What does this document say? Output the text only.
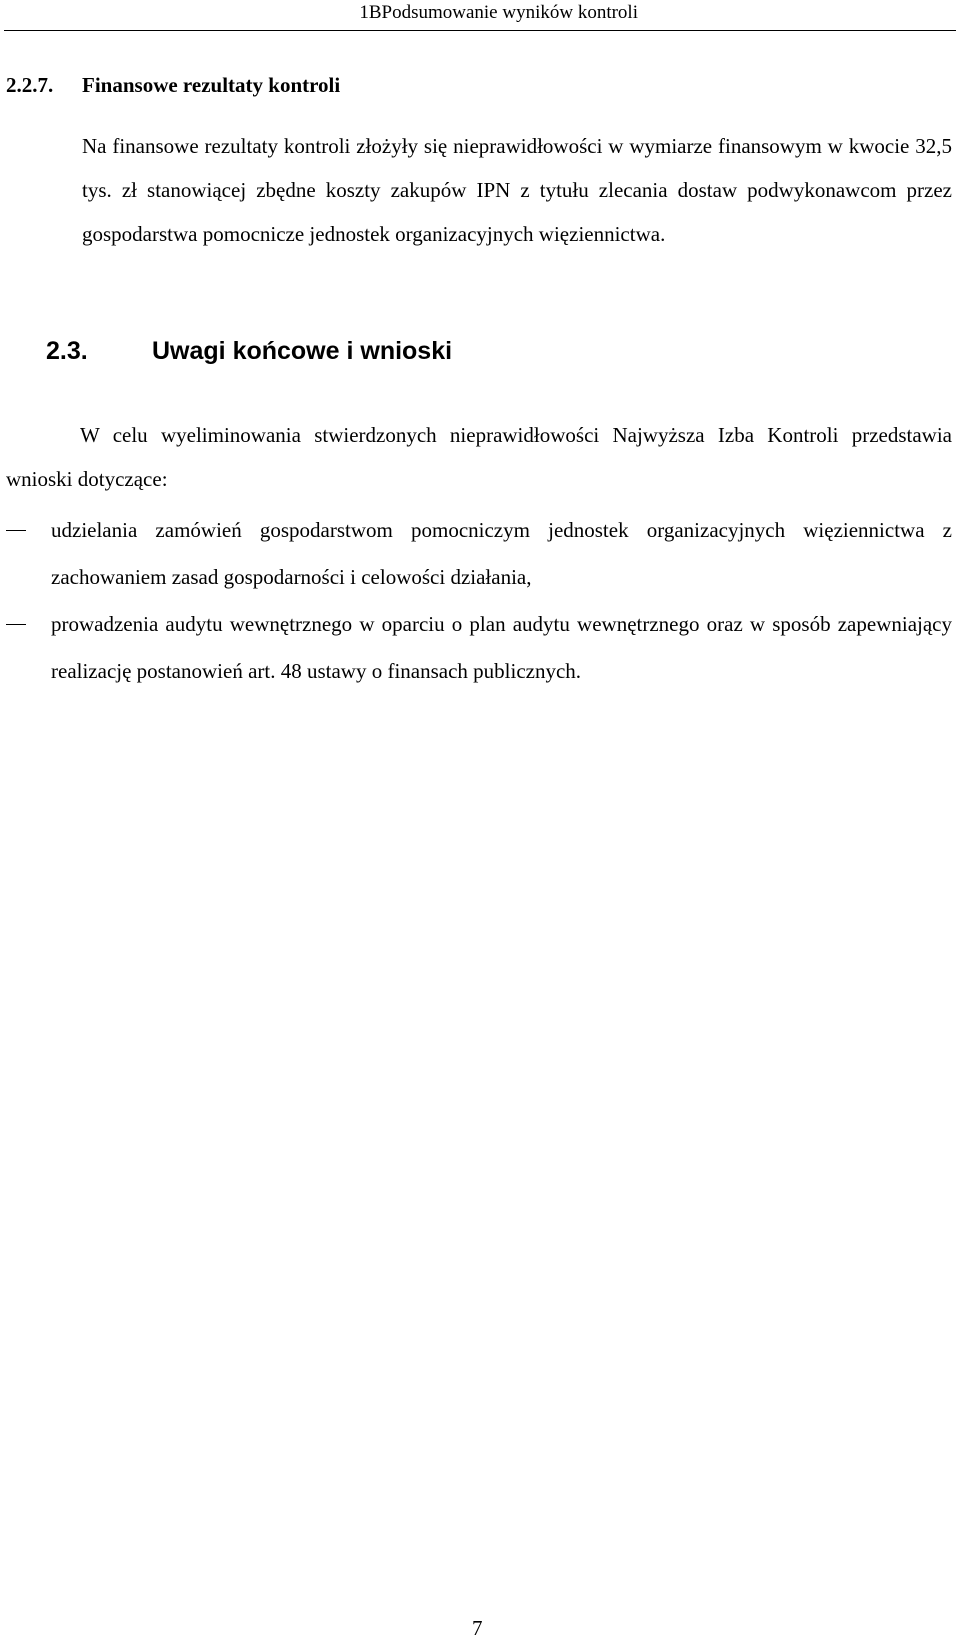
1BPodsumowanie wyników kontroli
2.2.7. Finansowe rezultaty kontroli

Na finansowe rezultaty kontroli złożyły się nieprawidłowości w wymiarze finansowym w kwocie 32,5 tys. zł stanowiącej zbędne koszty zakupów IPN z tytułu zlecania dostaw podwykonawcom przez gospodarstwa pomocnicze jednostek organizacyjnych więziennictwa.

2.3.	Uwagi końcowe i wnioski

W celu wyeliminowania stwierdzonych nieprawidłowości Najwyższa Izba Kontroli przedstawia wnioski dotyczące:

udzielania zamówień gospodarstwom pomocniczym jednostek organizacyjnych więziennictwa z zachowaniem zasad gospodarności i celowości działania,
prowadzenia audytu wewnętrznego w oparciu o plan audytu wewnętrznego oraz w sposób zapewniający realizację postanowień art. 48 ustawy o finansach publicznych.
7
